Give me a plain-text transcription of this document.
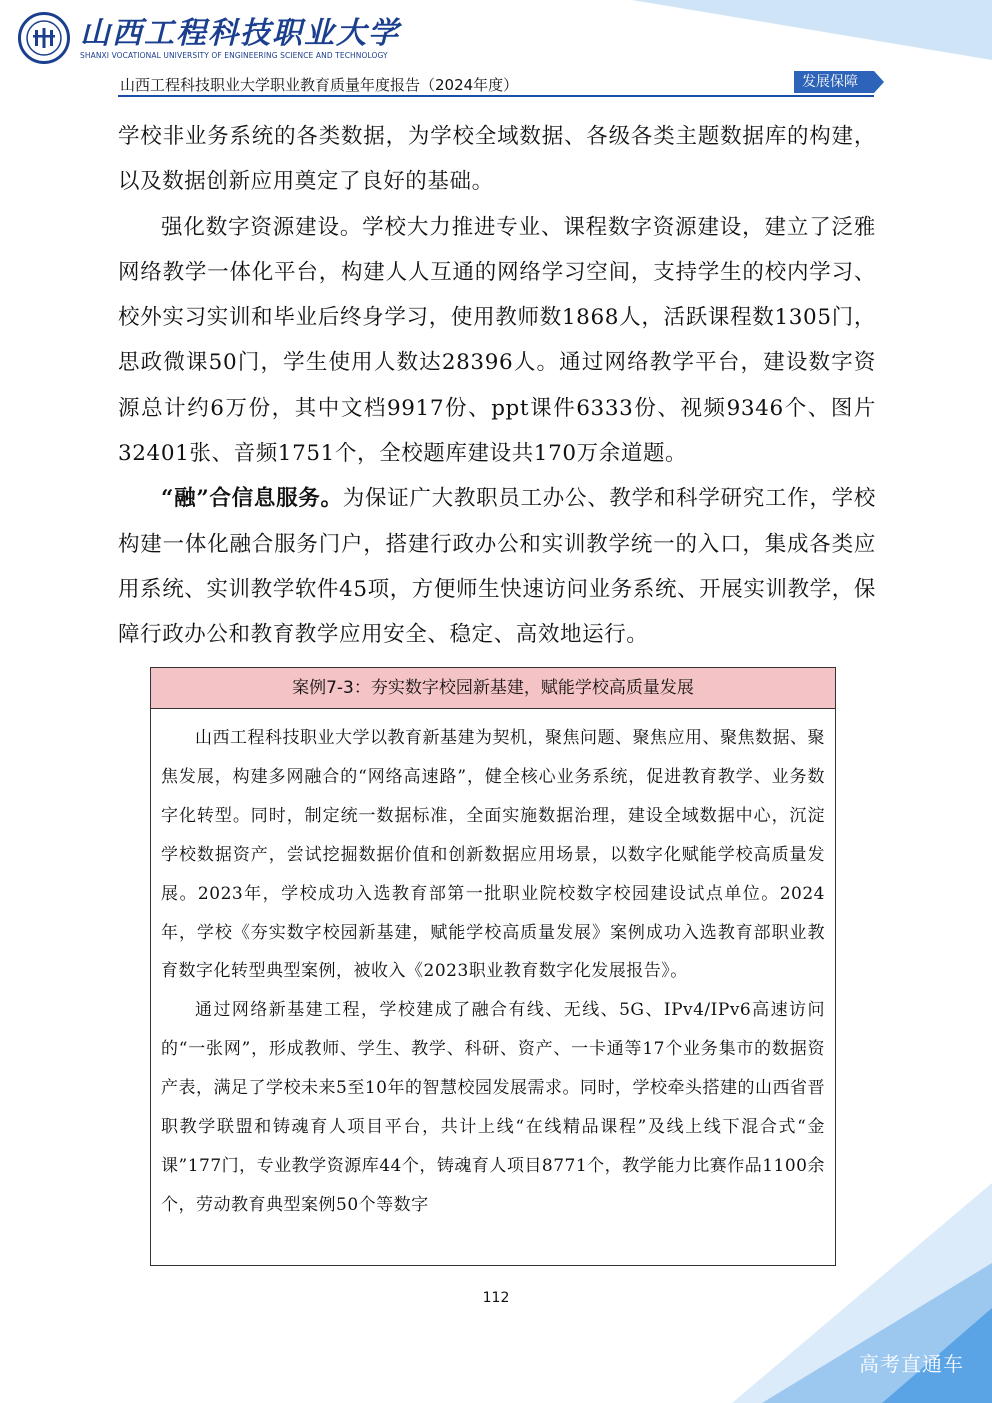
山西工程科技职业大学
SHANXI VOCATIONAL UNIVERSITY OF ENGINEERING SCIENCE AND TECHNOLOGY
山西工程科技职业大学职业教育质量年度报告（2024年度）	发展保障

学校非业务系统的各类数据，为学校全域数据、各级各类主题数据库的构建，以及数据创新应用奠定了良好的基础。

强化数字资源建设。学校大力推进专业、课程数字资源建设，建立了泛雅网络教学一体化平台，构建人人互通的网络学习空间，支持学生的校内学习、校外实习实训和毕业后终身学习，使用教师数1868人，活跃课程数1305门，思政微课50门，学生使用人数达28396人。通过网络教学平台，建设数字资源总计约6万份，其中文档9917份、ppt课件6333份、视频9346个、图片32401张、音频1751个，全校题库建设共170万余道题。

“融”合信息服务。为保证广大教职员工办公、教学和科学研究工作，学校构建一体化融合服务门户，搭建行政办公和实训教学统一的入口，集成各类应用系统、实训教学软件45项，方便师生快速访问业务系统、开展实训教学，保障行政办公和教育教学应用安全、稳定、高效地运行。

案例7-3：夯实数字校园新基建，赋能学校高质量发展

山西工程科技职业大学以教育新基建为契机，聚焦问题、聚焦应用、聚焦数据、聚焦发展，构建多网融合的“网络高速路”，健全核心业务系统，促进教育教学、业务数字化转型。同时，制定统一数据标准，全面实施数据治理，建设全域数据中心，沉淀学校数据资产，尝试挖掘数据价值和创新数据应用场景，以数字化赋能学校高质量发展。2023年，学校成功入选教育部第一批职业院校数字校园建设试点单位。2024年，学校《夯实数字校园新基建，赋能学校高质量发展》案例成功入选教育部职业教育数字化转型典型案例，被收入《2023职业教育数字化发展报告》。

通过网络新基建工程，学校建成了融合有线、无线、5G、IPv4/IPv6高速访问的“一张网”，形成教师、学生、教学、科研、资产、一卡通等17个业务集市的数据资产表，满足了学校未来5至10年的智慧校园发展需求。同时，学校牵头搭建的山西省晋职教学联盟和铸魂育人项目平台，共计上线“在线精品课程”及线上线下混合式“金课”177门，专业教学资源库44个，铸魂育人项目8771个，教学能力比赛作品1100余个，劳动教育典型案例50个等数字

112
高考直通车
